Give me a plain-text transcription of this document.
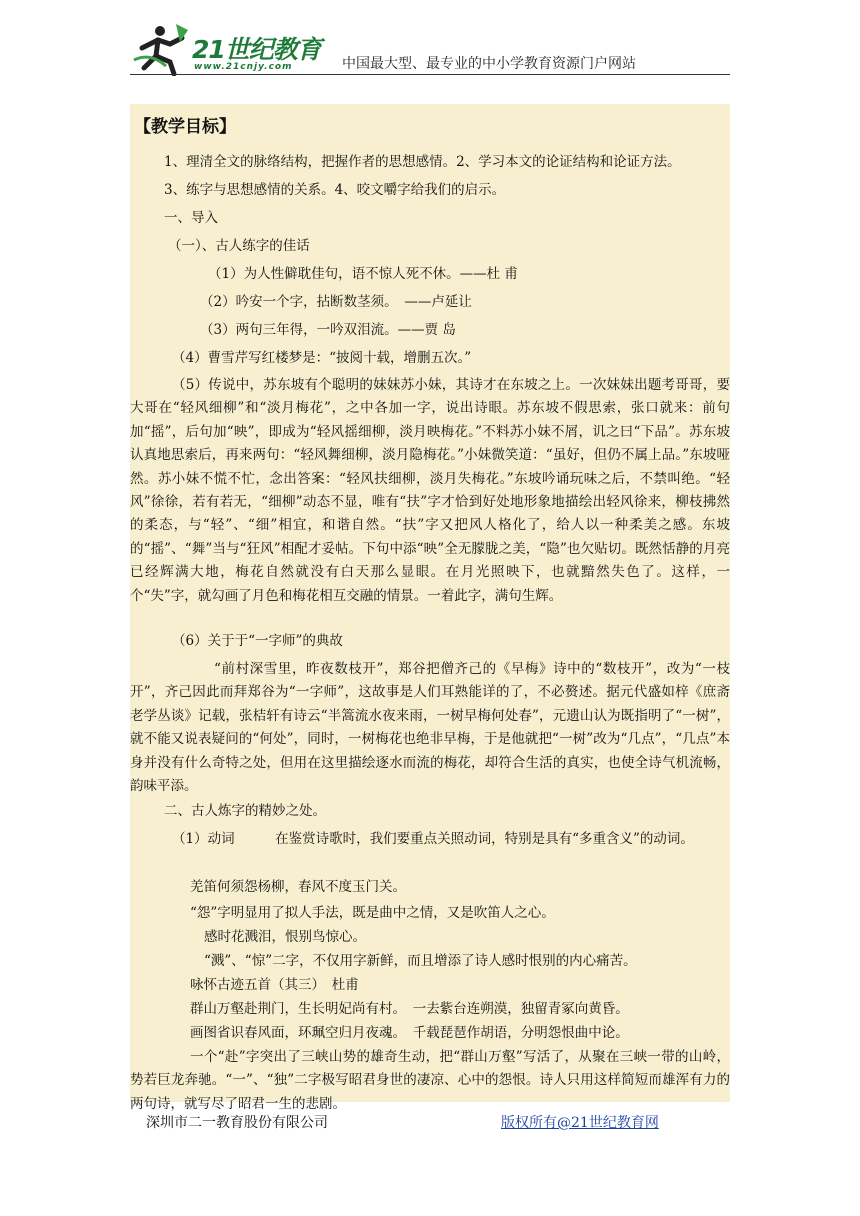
21世纪教育
www.21cnjy.com	中国最大型、最专业的中小学教育资源门户网站

【教学目标】

1、理清全文的脉络结构，把握作者的思想感情。2、学习本文的论证结构和论证方法。

3、练字与思想感情的关系。4、咬文嚼字给我们的启示。

一、导入

（一）、古人练字的佳话

（1）为人性僻耽佳句，语不惊人死不休。——杜 甫

（2）吟安一个字，拈断数茎须。　——卢延让

（3）两句三年得，一吟双泪流。——贾 岛

（4）曹雪芹写红楼梦是：“披阅十载，增删五次。”

（5）传说中，苏东坡有个聪明的妹妹苏小妹，其诗才在东坡之上。一次妹妹出题考哥哥，要大哥在“轻风细柳”和“淡月梅花”，之中各加一字，说出诗眼。苏东坡不假思索，张口就来：前句加“摇”，后句加“映”，即成为“轻风摇细柳，淡月映梅花。”不料苏小妹不屑，讥之曰“下品”。苏东坡认真地思索后，再来两句：“轻风舞细柳，淡月隐梅花。”小妹微笑道：“虽好，但仍不属上品。”东坡哑然。苏小妹不慌不忙，念出答案：“轻风扶细柳，淡月失梅花。”东坡吟诵玩味之后，不禁叫绝。“轻风”徐徐，若有若无，“细柳”动态不显，唯有“扶”字才恰到好处地形象地描绘出轻风徐来，柳枝拂然的柔态，与“轻”、“细”相宜，和谐自然。“扶”字又把风人格化了，给人以一种柔美之感。东坡的“摇”、“舞”当与“狂风”相配才妥帖。下句中添“映”全无朦胧之美，“隐”也欠贴切。既然恬静的月亮已经辉满大地，梅花自然就没有白天那么显眼。在月光照映下，也就黯然失色了。这样，一个“失”字，就勾画了月色和梅花相互交融的情景。一着此字，满句生辉。

（6）关于于“一字师”的典故

“前村深雪里，昨夜数枝开”，郑谷把僧齐己的《早梅》诗中的“数枝开”，改为“一枝开”，齐己因此而拜郑谷为“一字师”，这故事是人们耳熟能详的了，不必赘述。据元代盛如梓《庶斋老学丛谈》记载，张桔轩有诗云“半篙流水夜来雨，一树早梅何处春”，元遗山认为既指明了“一树”，就不能又说表疑问的“何处”，同时，一树梅花也绝非早梅，于是他就把“一树”改为“几点”，“几点”本身并没有什么奇特之处，但用在这里描绘逐水而流的梅花，却符合生活的真实，也使全诗气机流畅，韵味平添。

二、古人炼字的精妙之处。

（1）动词　　　在鉴赏诗歌时，我们要重点关照动词，特别是具有“多重含义”的动词。

羌笛何须怨杨柳，春风不度玉门关。

“怨”字明显用了拟人手法，既是曲中之情，又是吹笛人之心。

感时花溅泪，恨别鸟惊心。

“溅”、“惊”二字，不仅用字新鲜，而且增添了诗人感时恨别的内心痛苦。

咏怀古迹五首（其三）　杜甫

群山万壑赴荆门，生长明妃尚有村。　一去紫台连朔漠，独留青冢向黄昏。

画图省识春风面，环珮空归月夜魂。　千载琵琶作胡语，分明怨恨曲中论。

一个“赴”字突出了三峡山势的雄奇生动，把“群山万壑”写活了，从聚在三峡一带的山岭，势若巨龙奔驰。“一”、“独”二字极写昭君身世的凄凉、心中的怨恨。诗人只用这样简短而雄浑有力的两句诗，就写尽了昭君一生的悲剧。

深圳市二一教育股份有限公司	版权所有@21世纪教育网
